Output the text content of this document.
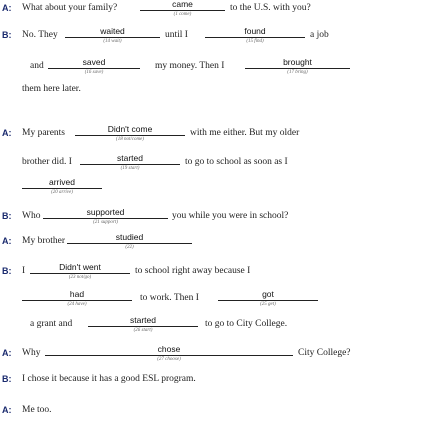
A: What about your family?	came
(1 come)
to the U.S. with you?
B: No. They	waited
(14 wait)
until I	found
(15 find)
a job
and	saved
(16 save)
my money. Then I	brought
(17 bring)
them here later.
A: My parents	Didn't come
(18 not/come)
with me either. But my older
brother did. I	started
(19 start)
to go to school as soon as I
arrived
(20 arrive)
B: Who	supported
(21 support)
you while you were in school?
A: My brother	studied
(22)
B: I	Didn't went
(23 not/go)
to school right away because I
had
(24 have)
to work. Then I	got
(25 get)
a grant and	started
(26 start)
to go to City College.
A: Why	chose
(27 choose)
City College?
B: I chose it because it has a good ESL program.
A: Me too.
